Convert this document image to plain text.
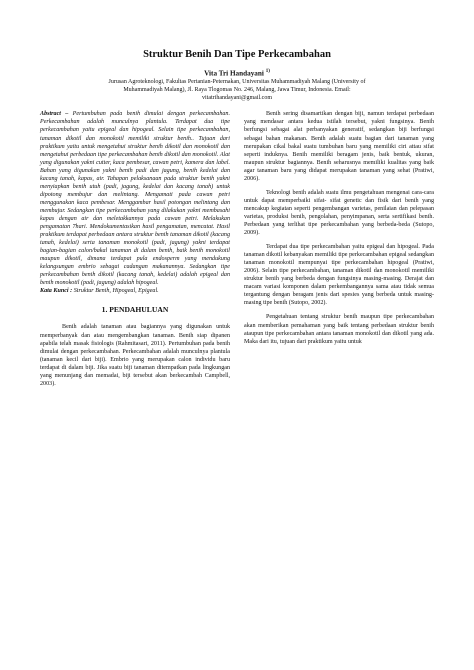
Struktur Benih Dan Tipe Perkecambahan

Vita Tri Handayani $^{1)}$

Jurusan Agroteknologi, Fakultas Pertanian-Peternakan, Universitas Muhammadiyah Malang (University of

Muhammadiyah Malang), Jl. Raya Tlogomas No. 246, Malang, Jawa Timur, Indonesia. Email:

vitatrihandayani@gmail.com

Abstract – Pertumbuhan pada benih dimulai dengan perkecambahan. Perkecambahan adalah munculnya plantula. Terdapat dua tipe perkecambahan yaitu epigeal dan hipogeal. Selain tipe perkecambahan, tanaman dikotil dan monokotil memiliki struktur benih.. Tujuan dari praktikum yaitu untuk mengetahui struktur benih dikotil dan monokotil dan mengetahui perbedaan tipe perkecambahan benih dikotil dan monokotil. Alat yang digunakan yakni cutter, kaca pembesar, cawan petri, kamera dan label. Bahan yang digunakan yakni benih padi dan jagung, benih kedelai dan kacang tanah, kapas, air. Tahapan pelaksanaan pada struktur benih yakni menyiapkan benih utuh (padi, jagung, kedelai dan kacang tanah) untuk dipotong membujur dan melintang. Mengamati pada cawan petri menggunakan kaca pembesar. Menggambar hasil potongan melintang dan membujur. Sedangkan tipe perkecambahan yang dilakukan yakni membasahi kapas dengan air dan meletakkannya pada cawan petri. Melakukan pengamatan 7hari. Mendokumentasikan hasil pengamatan, mencatat. Hasil praktikum terdapat perbedaan antara struktur benih tanaman dikotil (kacang tanah, kedelai) serta tanaman monokotil (padi, jagung) yakni terdapat bagian-bagian calon/bakal tanaman di dalam benih, baik benih monokotil maupun dikotil, dimana terdapat pula endosperm yang mendukung kelangsungan embrio sebagai cadangan makanannya. Sedangkan tipe perkecambahan benih dikotil (kacang tanah, kedelai) adalah epigeal dan benih monokotil (padi, jagung) adalah hipogeal.

Kata Kunci : Struktur Benih, Hipogeal, Epigeal.

1. PENDAHULUAN

Benih adalah tanaman atau bagiannya yang digunakan untuk memperbanyak dan atau mengembangkan tanaman. Benih siap dipanen apabila telah masak fisiologis (Rahmitasari, 2011). Pertumbuhan pada benih dimulai dengan perkecambahan. Perkecambahan adalah munculnya plantula (tanaman kecil dari biji). Embrio yang merupakan calon individu baru terdapat di dalam biji. Jika suatu biji tanaman ditempatkan pada lingkungan yang menunjang dan memadai, biji tersebut akan berkecambah Campbell, 2003).

Benih sering disamartikan dengan biji, namun terdapat perbedaan yang mendasar antara kedua istilah tersebut, yakni fungsinya. Benih berfungsi sebagai alat perbanyakan generatif, sedangkan biji berfungsi sebagai bahan makanan. Benih adalah suatu bagian dari tanaman yang merupakan cikal bakal suatu tumbuhan baru yang memiliki ciri attau sifat seperti induknya. Benih memiliki beragam jenis, baik bentuk, ukuran, maupun struktur bagiannya. Benih seharusnya memiliki kualitas yang baik agar tanaman baru yang didapat merupakan tanaman yang sehat (Pratiwi, 2006).

Teknologi benih adalah suatu ilmu pengetahuan mengenai cara-cara untuk dapat memperbaiki sifat- sifat genetic dan fisik dari benih yang mencakup kegiatan seperti pengembangan varietas, penilaian dan pelepasan varietas, produksi benih, pengolahan, penyimpanan, serta sertifikasi benih. Perbedaan yang terlihat tipe perkecambahan yang berbeda-beda (Sutopo, 2009).

Terdapat dua tipe perkecambahan yaitu epigeal dan hipogeal. Pada tanaman dikotil kebanyakan memiliki tipe perkecambahan epigeal sedangkan tanaman monokotil mempunyai tipe perkecambahan hipogeal (Pratiwi, 2006). Selain tipe perkecambahan, tanaman dikotil dan monokotil memiliki struktur benih yang berbeda dengan fungsinya masing-masing. Derajat dan macam variasi komponen dalam perkembangannya sama atau tidak semua tergantung dengan beragam jenis dari spesies yang berbeda untuk masing-masing tipe benih (Sutopo, 2002).

Pengetahuan tentang struktur benih maupun tipe perkecambahan akan memberikan pemahaman yang baik tentang perbedaan struktur benih ataupun tipe perkecambahan antara tanaman monokotil dan dikotil yang ada. Maka dari itu, tujuan dari praktikum yaitu untuk
